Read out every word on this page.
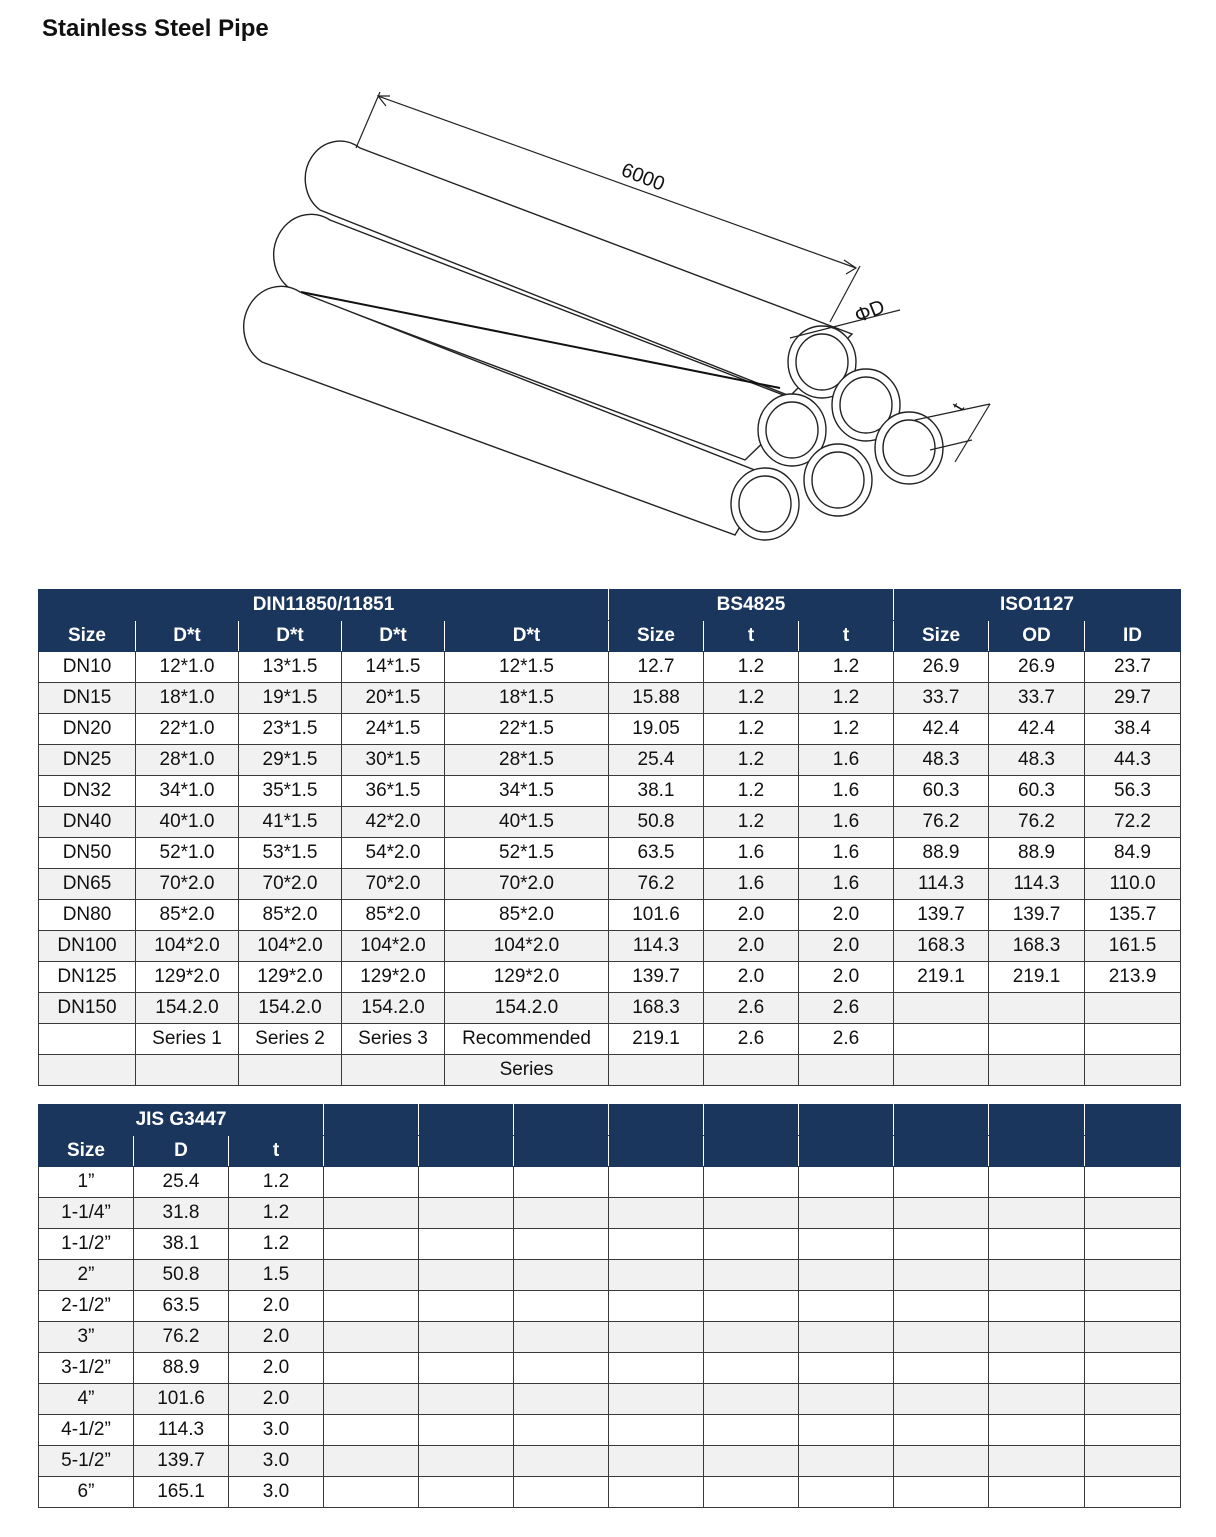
Stainless Steel Pipe
6000
ΦD
t
DIN11850/11851					BS4825			ISO1127		
Size	D*t	D*t	D*t	D*t	Size	t	t	Size	OD	ID
DN10	12*1.0	13*1.5	14*1.5	12*1.5	12.7	1.2	1.2	26.9	26.9	23.7
DN15	18*1.0	19*1.5	20*1.5	18*1.5	15.88	1.2	1.2	33.7	33.7	29.7
DN20	22*1.0	23*1.5	24*1.5	22*1.5	19.05	1.2	1.2	42.4	42.4	38.4
DN25	28*1.0	29*1.5	30*1.5	28*1.5	25.4	1.2	1.6	48.3	48.3	44.3
DN32	34*1.0	35*1.5	36*1.5	34*1.5	38.1	1.2	1.6	60.3	60.3	56.3
DN40	40*1.0	41*1.5	42*2.0	40*1.5	50.8	1.2	1.6	76.2	76.2	72.2
DN50	52*1.0	53*1.5	54*2.0	52*1.5	63.5	1.6	1.6	88.9	88.9	84.9
DN65	70*2.0	70*2.0	70*2.0	70*2.0	76.2	1.6	1.6	114.3	114.3	110.0
DN80	85*2.0	85*2.0	85*2.0	85*2.0	101.6	2.0	2.0	139.7	139.7	135.7
DN100	104*2.0	104*2.0	104*2.0	104*2.0	114.3	2.0	2.0	168.3	168.3	161.5
DN125	129*2.0	129*2.0	129*2.0	129*2.0	139.7	2.0	2.0	219.1	219.1	213.9
DN150	154.2.0	154.2.0	154.2.0	154.2.0	168.3	2.6	2.6			
	Series 1	Series 2	Series 3	Recommended	219.1	2.6	2.6			
				Series						
JIS G3447											
Size	D	t									
1”	25.4	1.2									
1-1/4”	31.8	1.2									
1-1/2”	38.1	1.2									
2”	50.8	1.5									
2-1/2”	63.5	2.0									
3”	76.2	2.0									
3-1/2”	88.9	2.0									
4”	101.6	2.0									
4-1/2”	114.3	3.0									
5-1/2”	139.7	3.0									
6”	165.1	3.0									
